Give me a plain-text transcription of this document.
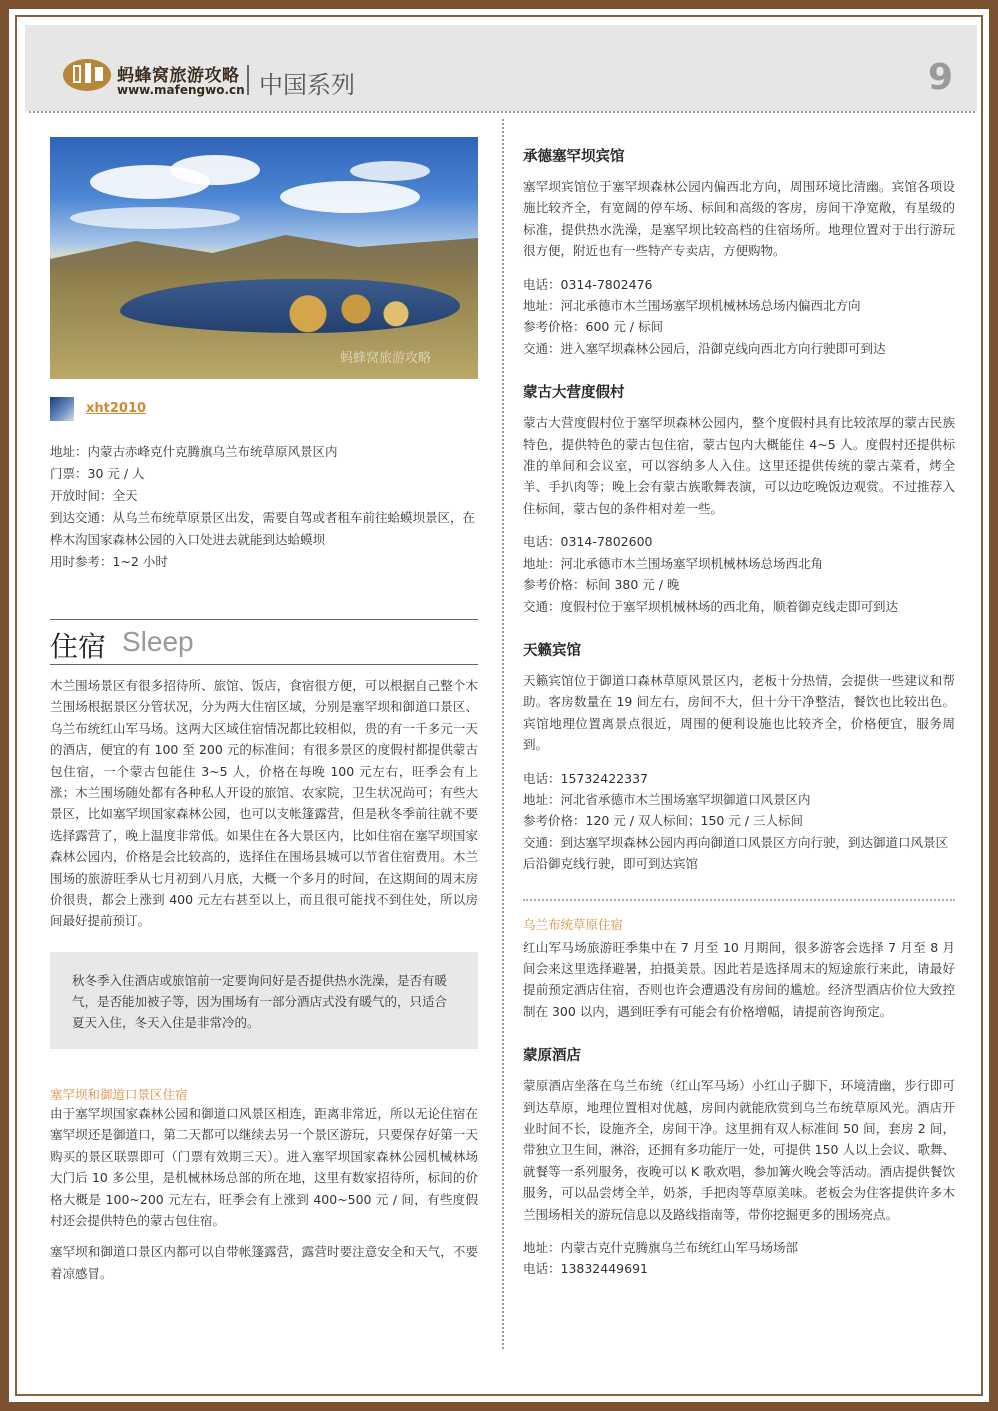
蚂蜂窝旅游攻略
www.mafengwo.cn 中国系列	9
蚂蜂窝旅游攻略
xht2010

地址：内蒙古赤峰克什克腾旗乌兰布统草原风景区内

门票：30 元 / 人

开放时间：全天

到达交通：从乌兰布统草原景区出发，需要自驾或者租车前往蛤蟆坝景区，在桦木沟国家森林公园的入口处进去就能到达蛤蟆坝

用时参考：1~2 小时

住宿 Sleep

木兰围场景区有很多招待所、旅馆、饭店，食宿很方便，可以根据自己整个木兰围场根据景区分管状况，分为两大住宿区域，分别是塞罕坝和御道口景区、乌兰布统红山军马场。这两大区域住宿情况都比较相似，贵的有一千多元一天的酒店，便宜的有 100 至 200 元的标准间；有很多景区的度假村都提供蒙古包住宿，一个蒙古包能住 3~5 人，价格在每晚 100 元左右，旺季会有上涨；木兰围场随处都有各种私人开设的旅馆、农家院，卫生状况尚可；有些大景区，比如塞罕坝国家森林公园，也可以支帐篷露营，但是秋冬季前往就不要选择露营了，晚上温度非常低。如果住在各大景区内，比如住宿在塞罕坝国家森林公园内，价格是会比较高的，选择住在围场县城可以节省住宿费用。木兰围场的旅游旺季从七月初到八月底，大概一个多月的时间，在这期间的周末房价很贵，都会上涨到 400 元左右甚至以上，而且很可能找不到住处，所以房间最好提前预订。

秋冬季入住酒店或旅馆前一定要询问好是否提供热水洗澡，是否有暖气，是否能加被子等，因为围场有一部分酒店式没有暖气的，只适合夏天入住，冬天入住是非常冷的。
塞罕坝和御道口景区住宿

由于塞罕坝国家森林公园和御道口风景区相连，距离非常近，所以无论住宿在塞罕坝还是御道口，第二天都可以继续去另一个景区游玩，只要保存好第一天购买的景区联票即可（门票有效期三天）。进入塞罕坝国家森林公园机械林场大门后 10 多公里，是机械林场总部的所在地，这里有数家招待所，标间的价格大概是 100~200 元左右，旺季会有上涨到 400~500 元 / 间，有些度假村还会提供特色的蒙古包住宿。

塞罕坝和御道口景区内都可以自带帐篷露营，露营时要注意安全和天气，不要着凉感冒。

承德塞罕坝宾馆

塞罕坝宾馆位于塞罕坝森林公园内偏西北方向，周围环境比清幽。宾馆各项设施比较齐全，有宽阔的停车场、标间和高级的客房，房间干净宽敞，有星级的标准，提供热水洗澡，是塞罕坝比较高档的住宿场所。地理位置对于出行游玩很方便，附近也有一些特产专卖店，方便购物。

电话：0314-7802476

地址：河北承德市木兰围场塞罕坝机械林场总场内偏西北方向

参考价格：600 元 / 标间

交通：进入塞罕坝森林公园后，沿御克线向西北方向行驶即可到达

蒙古大营度假村

蒙古大营度假村位于塞罕坝森林公园内，整个度假村具有比较浓厚的蒙古民族特色，提供特色的蒙古包住宿，蒙古包内大概能住 4~5 人。度假村还提供标准的单间和会议室，可以容纳多人入住。这里还提供传统的蒙古菜肴，烤全羊、手扒肉等；晚上会有蒙古族歌舞表演，可以边吃晚饭边观赏。不过推荐入住标间，蒙古包的条件相对差一些。

电话：0314-7802600

地址：河北承德市木兰围场塞罕坝机械林场总场西北角

参考价格：标间 380 元 / 晚

交通：度假村位于塞罕坝机械林场的西北角，顺着御克线走即可到达

天籁宾馆

天籁宾馆位于御道口森林草原风景区内，老板十分热情，会提供一些建议和帮助。客房数量在 19 间左右，房间不大，但十分干净整洁，餐饮也比较出色。宾馆地理位置离景点很近，周围的便利设施也比较齐全，价格便宜，服务周到。

电话：15732422337

地址：河北省承德市木兰围场塞罕坝御道口风景区内

参考价格：120 元 / 双人标间；150 元 / 三人标间

交通：到达塞罕坝森林公园内再向御道口风景区方向行驶，到达御道口风景区后沿御克线行驶，即可到达宾馆

乌兰布统草原住宿

红山军马场旅游旺季集中在 7 月至 10 月期间，很多游客会选择 7 月至 8 月间会来这里选择避暑，拍摄美景。因此若是选择周末的短途旅行来此，请最好提前预定酒店住宿，否则也许会遭遇没有房间的尴尬。经济型酒店价位大致控制在 300 以内，遇到旺季有可能会有价格增幅，请提前咨询预定。

蒙原酒店

蒙原酒店坐落在乌兰布统（红山军马场）小红山子脚下，环境清幽，步行即可到达草原，地理位置相对优越，房间内就能欣赏到乌兰布统草原风光。酒店开业时间不长，设施齐全，房间干净。这里拥有双人标准间 50 间，套房 2 间，带独立卫生间，淋浴，还拥有多功能厅一处，可提供 150 人以上会议、歌舞、就餐等一系列服务，夜晚可以 K 歌欢唱，参加篝火晚会等活动。酒店提供餐饮服务，可以品尝烤全羊，奶茶，手把肉等草原美味。老板会为住客提供许多木兰围场相关的游玩信息以及路线指南等，带你挖掘更多的围场亮点。

地址：内蒙古克什克腾旗乌兰布统红山军马场场部

电话：13832449691
